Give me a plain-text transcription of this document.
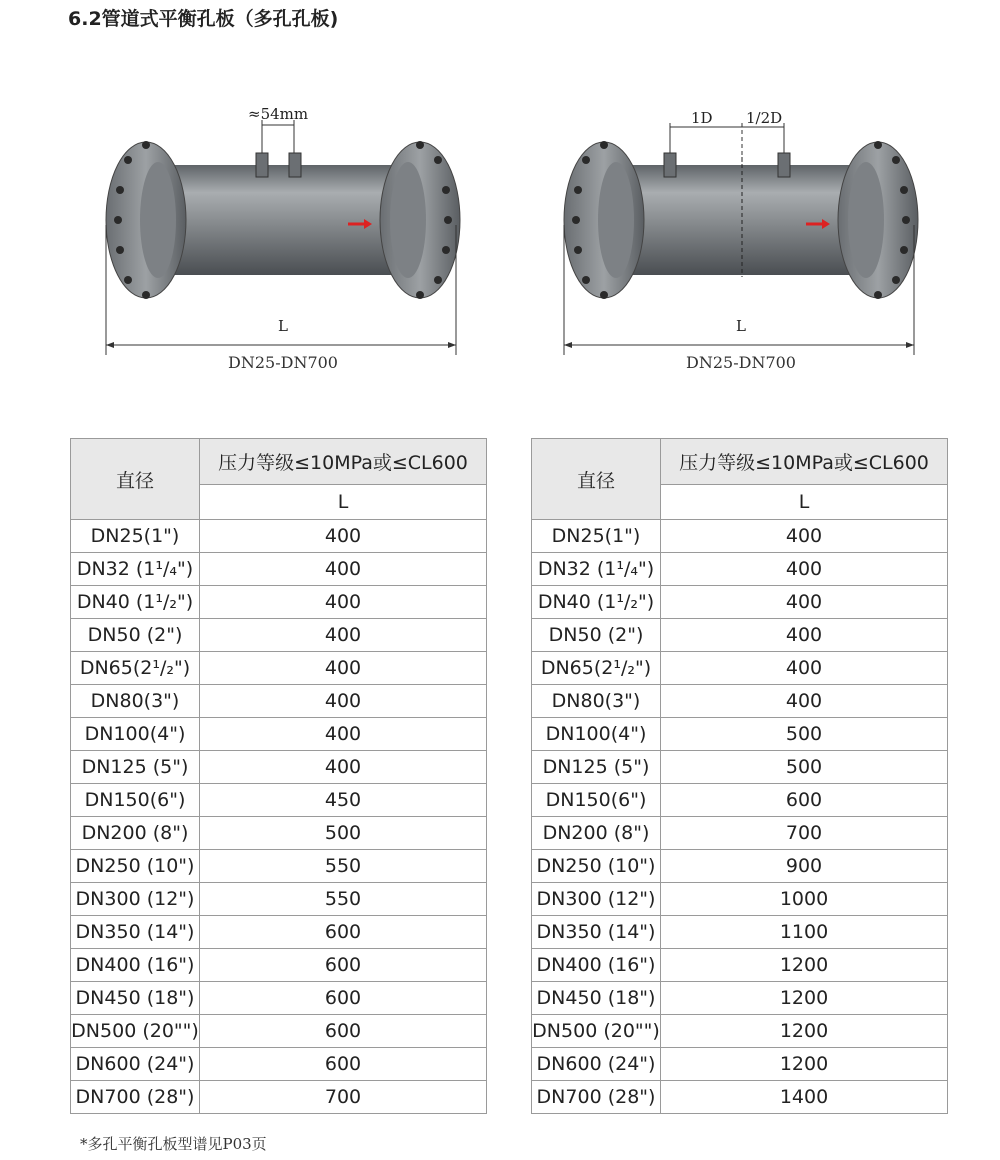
6.2管道式平衡孔板（多孔孔板)
≈54mm
L
DN25-DN700
1D 1/2D
L
DN25-DN700
直径	压力等级≤10MPa或≤CL600
	L
DN25(1")	400
DN32 (1¹/₄")	400
DN40 (1¹/₂")	400
DN50 (2")	400
DN65(2¹/₂")	400
DN80(3")	400
DN100(4")	400
DN125 (5")	400
DN150(6")	450
DN200 (8")	500
DN250 (10")	550
DN300 (12")	550
DN350 (14")	600
DN400 (16")	600
DN450 (18")	600
DN500 (20"")	600
DN600 (24")	600
DN700 (28")	700
直径	压力等级≤10MPa或≤CL600
	L
DN25(1")	400
DN32 (1¹/₄")	400
DN40 (1¹/₂")	400
DN50 (2")	400
DN65(2¹/₂")	400
DN80(3")	400
DN100(4")	500
DN125 (5")	500
DN150(6")	600
DN200 (8")	700
DN250 (10")	900
DN300 (12")	1000
DN350 (14")	1100
DN400 (16")	1200
DN450 (18")	1200
DN500 (20"")	1200
DN600 (24")	1200
DN700 (28")	1400
*多孔平衡孔板型谱见P03页
